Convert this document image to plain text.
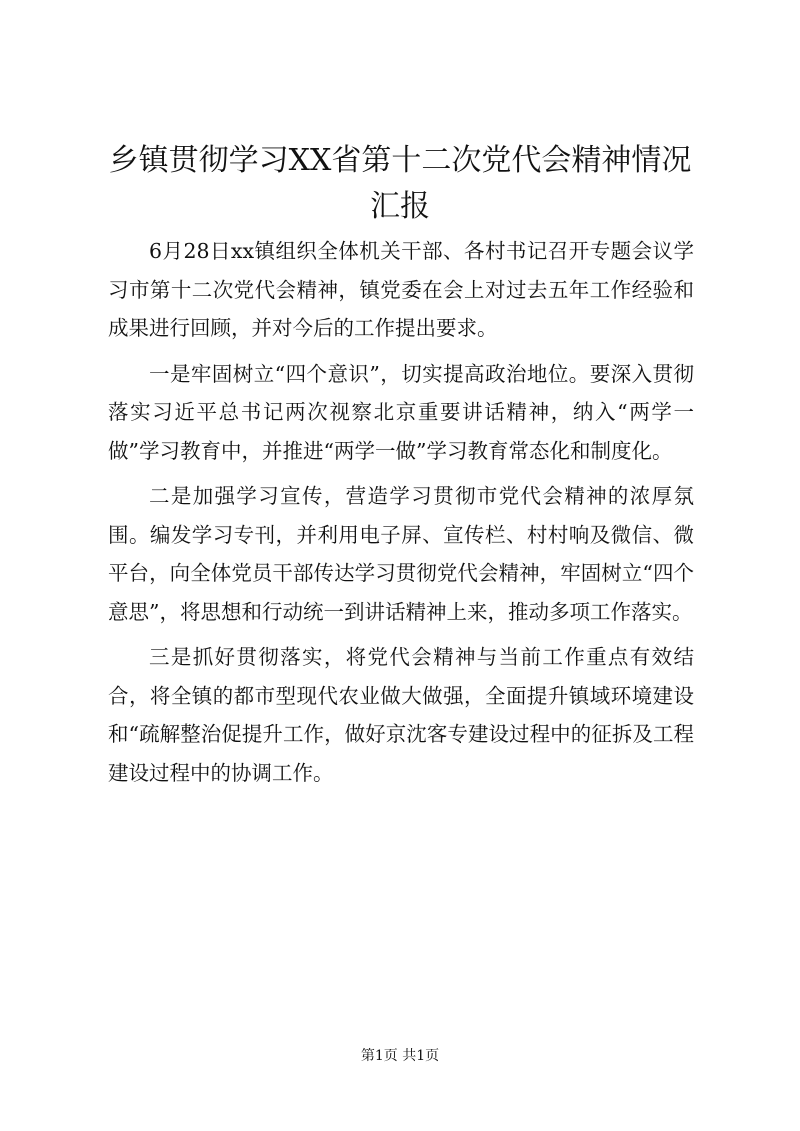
乡镇贯彻学习XX省第十二次党代会精神情况汇报

6月28日xx镇组织全体机关干部、各村书记召开专题会议学习市第十二次党代会精神，镇党委在会上对过去五年工作经验和成果进行回顾，并对今后的工作提出要求。

一是牢固树立“四个意识”，切实提高政治地位。要深入贯彻落实习近平总书记两次视察北京重要讲话精神，纳入“两学一做”学习教育中，并推进“两学一做”学习教育常态化和制度化。

二是加强学习宣传，营造学习贯彻市党代会精神的浓厚氛围。编发学习专刊，并利用电子屏、宣传栏、村村响及微信、微平台，向全体党员干部传达学习贯彻党代会精神，牢固树立“四个意思”，将思想和行动统一到讲话精神上来，推动多项工作落实。

三是抓好贯彻落实，将党代会精神与当前工作重点有效结合，将全镇的都市型现代农业做大做强，全面提升镇域环境建设和“疏解整治促提升工作，做好京沈客专建设过程中的征拆及工程建设过程中的协调工作。

第1页 共1页
